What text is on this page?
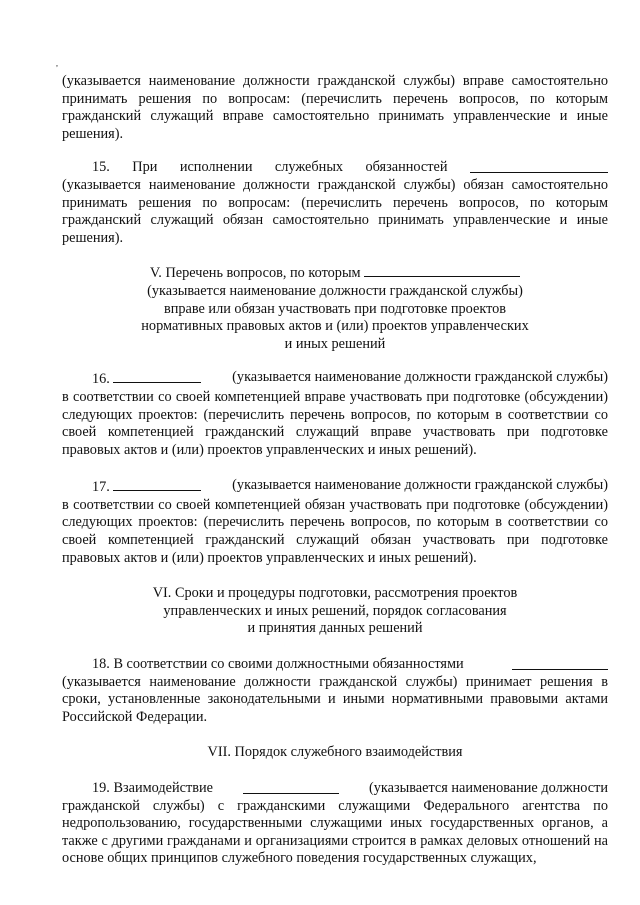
,
(указывается наименование должности гражданской службы) вправе самостоятельно принимать решения по вопросам: (перечислить перечень вопросов, по которым гражданский служащий вправе самостоятельно принимать управленческие и иные решения).
15. При исполнении служебных обязанностей
(указывается наименование должности гражданской службы) обязан самостоятельно принимать решения по вопросам: (перечислить перечень вопросов, по которым гражданский служащий обязан самостоятельно принимать управленческие и иные решения).
V. Перечень вопросов, по которым
(указывается наименование должности гражданской службы)
вправе или обязан участвовать при подготовке проектов
нормативных правовых актов и (или) проектов управленческих
и иных решений
16.	(указывается наименование должности гражданской службы)
в соответствии со своей компетенцией вправе участвовать при подготовке (обсуждении) следующих проектов: (перечислить перечень вопросов, по которым в соответствии со своей компетенцией гражданский служащий вправе участвовать при подготовке правовых актов и (или) проектов управленческих и иных решений).
17.	(указывается наименование должности гражданской службы)
в соответствии со своей компетенцией обязан участвовать при подготовке (обсуждении) следующих проектов: (перечислить перечень вопросов, по которым в соответствии со своей компетенцией гражданский служащий обязан участвовать при подготовке правовых актов и (или) проектов управленческих и иных решений).
VI. Сроки и процедуры подготовки, рассмотрения проектов
управленческих и иных решений, порядок согласования
и принятия данных решений
18. В соответствии со своими должностными обязанностями
(указывается наименование должности гражданской службы) принимает решения в сроки, установленные законодательными и иными нормативными правовыми актами Российской Федерации.
VII. Порядок служебного взаимодействия
19. Взаимодействие	(указывается наименование должности
гражданской службы) с гражданскими служащими Федерального агентства по недропользованию, государственными служащими иных государственных органов, а также с другими гражданами и организациями строится в рамках деловых отношений на основе общих принципов служебного поведения государственных служащих,
